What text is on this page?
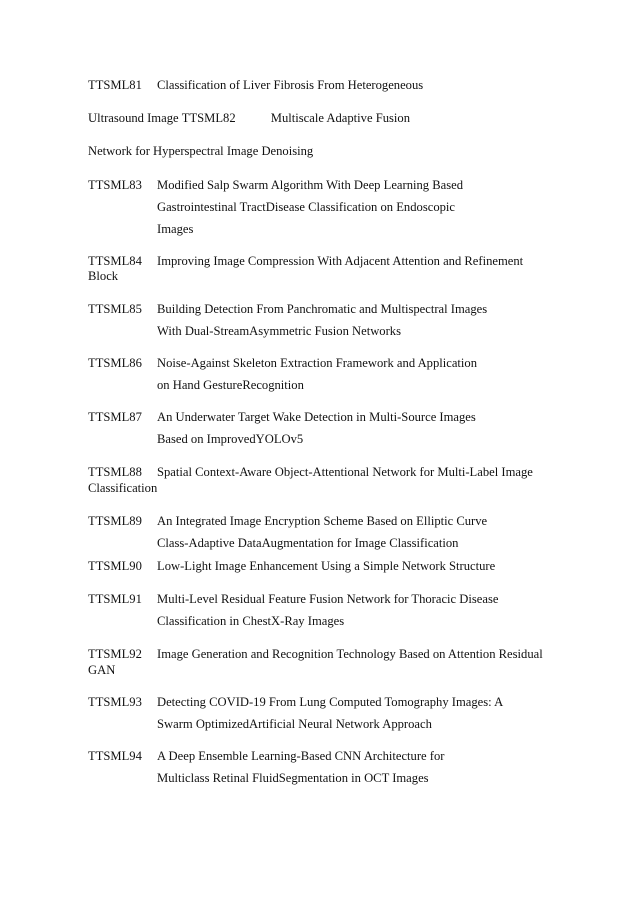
TTSML81 Classification of Liver Fibrosis From Heterogeneous
Ultrasound Image TTSML82	Multiscale Adaptive Fusion
Network for Hyperspectral Image Denoising
TTSML83 Modified Salp Swarm Algorithm With Deep Learning Based
Gastrointestinal TractDisease Classification on Endoscopic
Images
TTSML84 Improving Image Compression With Adjacent Attention and Refinement
Block
TTSML85 Building Detection From Panchromatic and Multispectral Images
With Dual-StreamAsymmetric Fusion Networks
TTSML86 Noise-Against Skeleton Extraction Framework and Application
on Hand GestureRecognition
TTSML87 An Underwater Target Wake Detection in Multi-Source Images
Based on ImprovedYOLOv5
TTSML88 Spatial Context-Aware Object-Attentional Network for Multi-Label Image
Classification
TTSML89 An Integrated Image Encryption Scheme Based on Elliptic Curve
Class-Adaptive DataAugmentation for Image Classification
TTSML90 Low-Light Image Enhancement Using a Simple Network Structure
TTSML91 Multi-Level Residual Feature Fusion Network for Thoracic Disease
Classification in ChestX-Ray Images
TTSML92 Image Generation and Recognition Technology Based on Attention Residual
GAN
TTSML93 Detecting COVID-19 From Lung Computed Tomography Images: A
Swarm OptimizedArtificial Neural Network Approach
TTSML94 A Deep Ensemble Learning-Based CNN Architecture for
Multiclass Retinal FluidSegmentation in OCT Images
